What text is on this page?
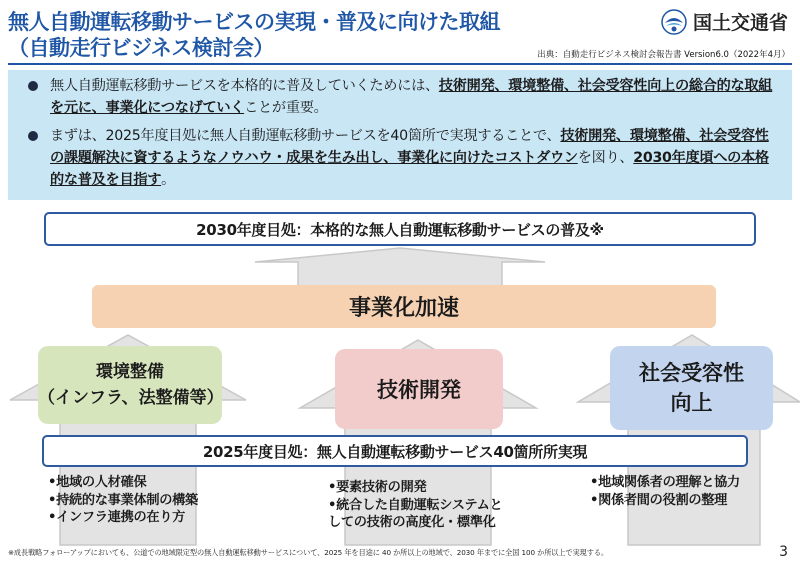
無人自動運転移動サービスの実現・普及に向けた取組
（自動走行ビジネス検討会）
国土交通省
出典：自動走行ビジネス検討会報告書 Version6.0（2022年4月）
無人自動運転移動サービスを本格的に普及していくためには、技術開発、環境整備、社会受容性向上の総合的な取組を元に、事業化につなげていくことが重要。
まずは、2025年度目処に無人自動運転移動サービスを40箇所で実現することで、技術開発、環境整備、社会受容性の課題解決に資するようなノウハウ・成果を生み出し、事業化に向けたコストダウンを図り、2030年度頃への本格的な普及を目指す。
2030年度目処：本格的な無人自動運転移動サービスの普及※
事業化加速
環境整備
（インフラ、法整備等）	技術開発
社会受容性
向上
2025年度目処：無人自動運転移動サービス40箇所所実現
•地域の人材確保
•持続的な事業体制の構築
•インフラ連携の在り方
•要素技術の開発
•統合した自動運転システムと
しての技術の高度化・標準化
•地域関係者の理解と協力
•関係者間の役割の整理
※成長戦略フォローアップにおいても、公道での地域限定型の無人自動運転移動サービスについて、2025 年を目途に 40 か所以上の地域で、2030 年までに全国 100 か所以上で実現する。	3
